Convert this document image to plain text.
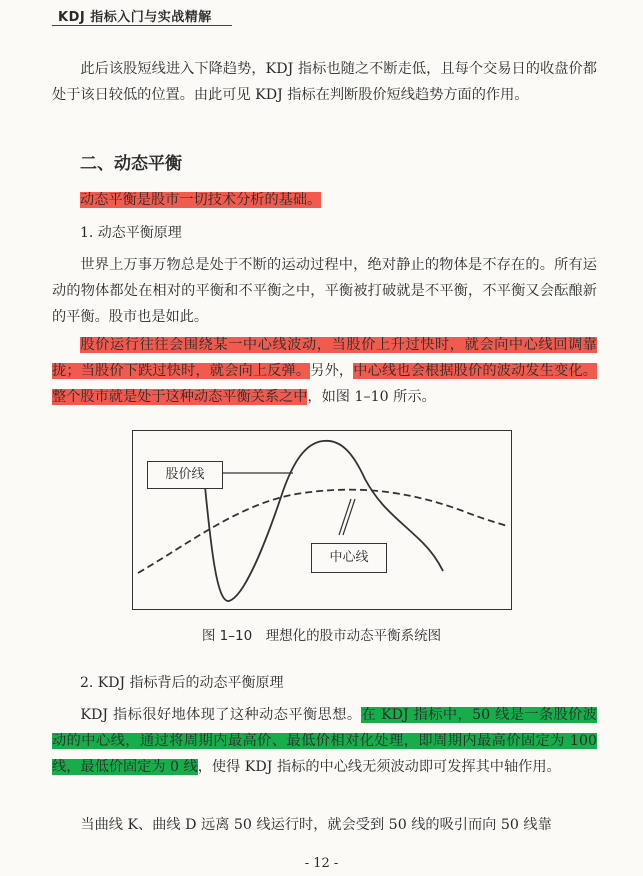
KDJ 指标入门与实战精解

此后该股短线进入下降趋势，KDJ 指标也随之不断走低，且每个交易日的收盘价都处于该日较低的位置。由此可见 KDJ 指标在判断股价短线趋势方面的作用。

二、动态平衡
动态平衡是股市一切技术分析的基础。
1. 动态平衡原理

世界上万事万物总是处于不断的运动过程中，绝对静止的物体是不存在的。所有运动的物体都处在相对的平衡和不平衡之中，平衡被打破就是不平衡，不平衡又会酝酿新的平衡。股市也是如此。

股价运行往往会围绕某一中心线波动，当股价上升过快时，就会向中心线回调靠拢；当股价下跌过快时，就会向上反弹。另外，中心线也会根据股价的波动发生变化。整个股市就是处于这种动态平衡关系之中，如图 1–10 所示。

股价线
中心线
图 1–10　理想化的股市动态平衡系统图
2. KDJ 指标背后的动态平衡原理

KDJ 指标很好地体现了这种动态平衡思想。在 KDJ 指标中，50 线是一条股价波动的中心线，通过将周期内最高价、最低价相对化处理，即周期内最高价固定为 100 线，最低价固定为 0 线，使得 KDJ 指标的中心线无须波动即可发挥其中轴作用。

当曲线 K、曲线 D 远离 50 线运行时，就会受到 50 线的吸引而向 50 线靠

- 12 -
